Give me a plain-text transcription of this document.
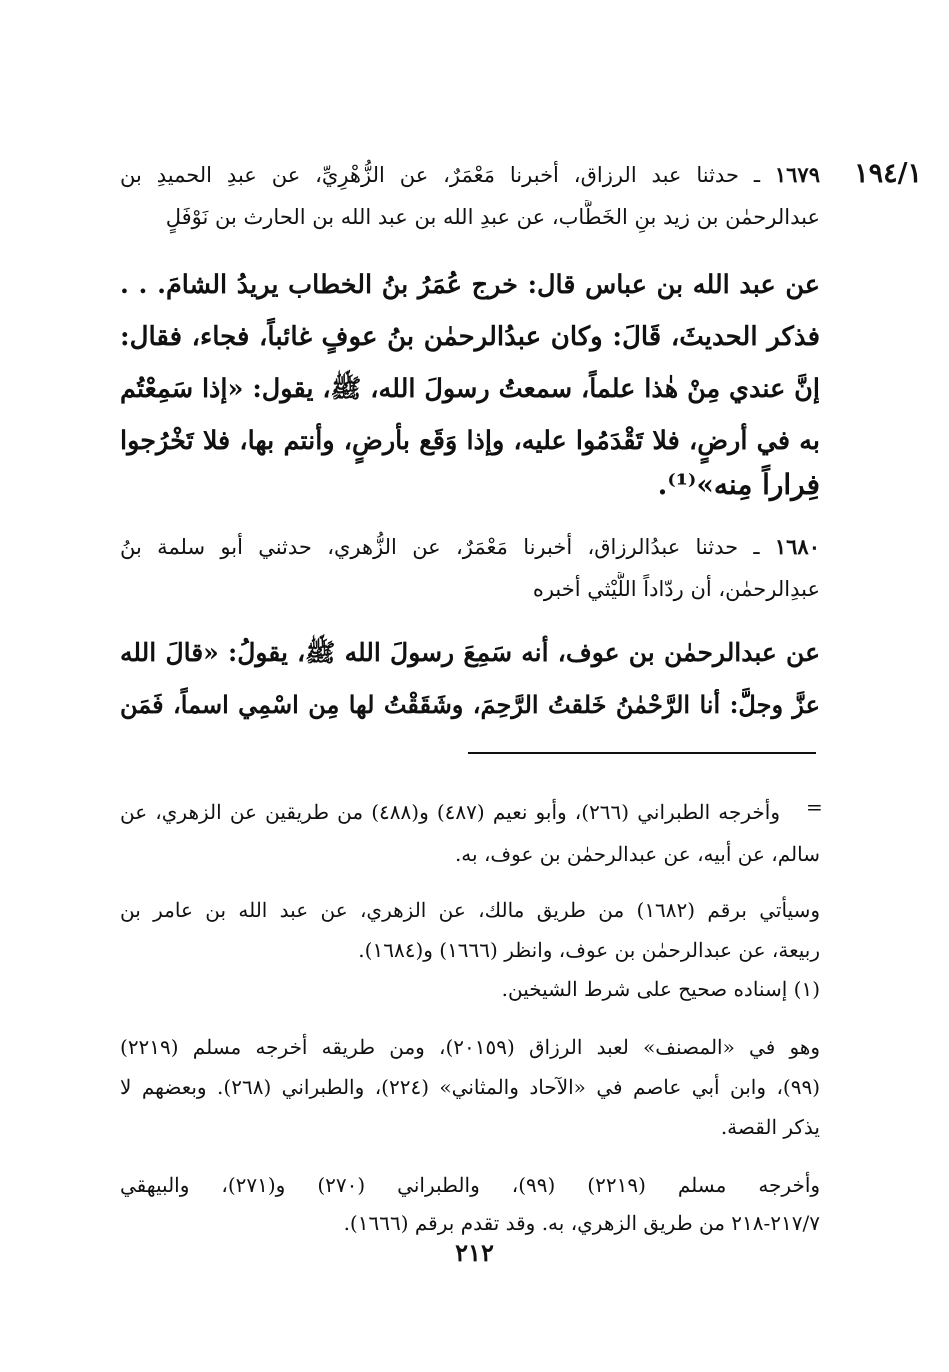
١٩٤/١
١٦٧٩ ـ حدثنا عبد الرزاق، أخبرنا مَعْمَرٌ، عن الزُّهْرِيِّ، عن عبدِ الحميدِ بن
عبدالرحمٰن بن زيد بنِ الخَطَّاب، عن عبدِ الله بن عبد الله بن الحارث بن نَوْفَلٍ
عن عبد الله بن عباس قال: خرج عُمَرُ بنُ الخطاب يريدُ الشامَ. . .
فذكر الحديثَ، قَالَ: وكان عبدُالرحمٰن بنُ عوفٍ غائباً، فجاء، فقال:
إنَّ عندي مِنْ هٰذا علماً، سمعتُ رسولَ الله، ﷺ، يقول: «إذا سَمِعْتُم
به في أرضٍ، فلا تَقْدَمُوا عليه، وإذا وَقَع بأرضٍ، وأنتم بها، فلا تَخْرُجوا
فِراراً مِنه»⁽¹⁾.
١٦٨٠ ـ حدثنا عبدُالرزاق، أخبرنا مَعْمَرٌ، عن الزُّهري، حدثني أبو سلمة بنُ
عبدِالرحمٰن، أن ردّاداً اللَّيْثي أخبره
عن عبدالرحمٰن بن عوف، أنه سَمِعَ رسولَ الله ﷺ، يقولُ: «قالَ الله
عزَّ وجلَّ: أنا الرَّحْمٰنُ خَلقتُ الرَّحِمَ، وشَقَقْتُ لها مِن اسْمِي اسماً، فَمَن
=
وأخرجه الطبراني (٢٦٦)، وأبو نعيم (٤٨٧) و(٤٨٨) من طريقين عن الزهري، عن
سالم، عن أبيه، عن عبدالرحمٰن بن عوف، به.
وسيأتي برقم (١٦٨٢) من طريق مالك، عن الزهري، عن عبد الله بن عامر بن
ربيعة، عن عبدالرحمٰن بن عوف، وانظر (١٦٦٦) و(١٦٨٤).
(١) إسناده صحيح على شرط الشيخين.
وهو في «المصنف» لعبد الرزاق (٢٠١٥٩)، ومن طريقه أخرجه مسلم (٢٢١٩)
(٩٩)، وابن أبي عاصم في «الآحاد والمثاني» (٢٢٤)، والطبراني (٢٦٨). وبعضهم لا
يذكر القصة.
وأخرجه مسلم (٢٢١٩) (٩٩)، والطبراني (٢٧٠) و(٢٧١)، والبيهقي
٢١٧/٧-٢١٨ من طريق الزهري، به. وقد تقدم برقم (١٦٦٦).
٢١٢
